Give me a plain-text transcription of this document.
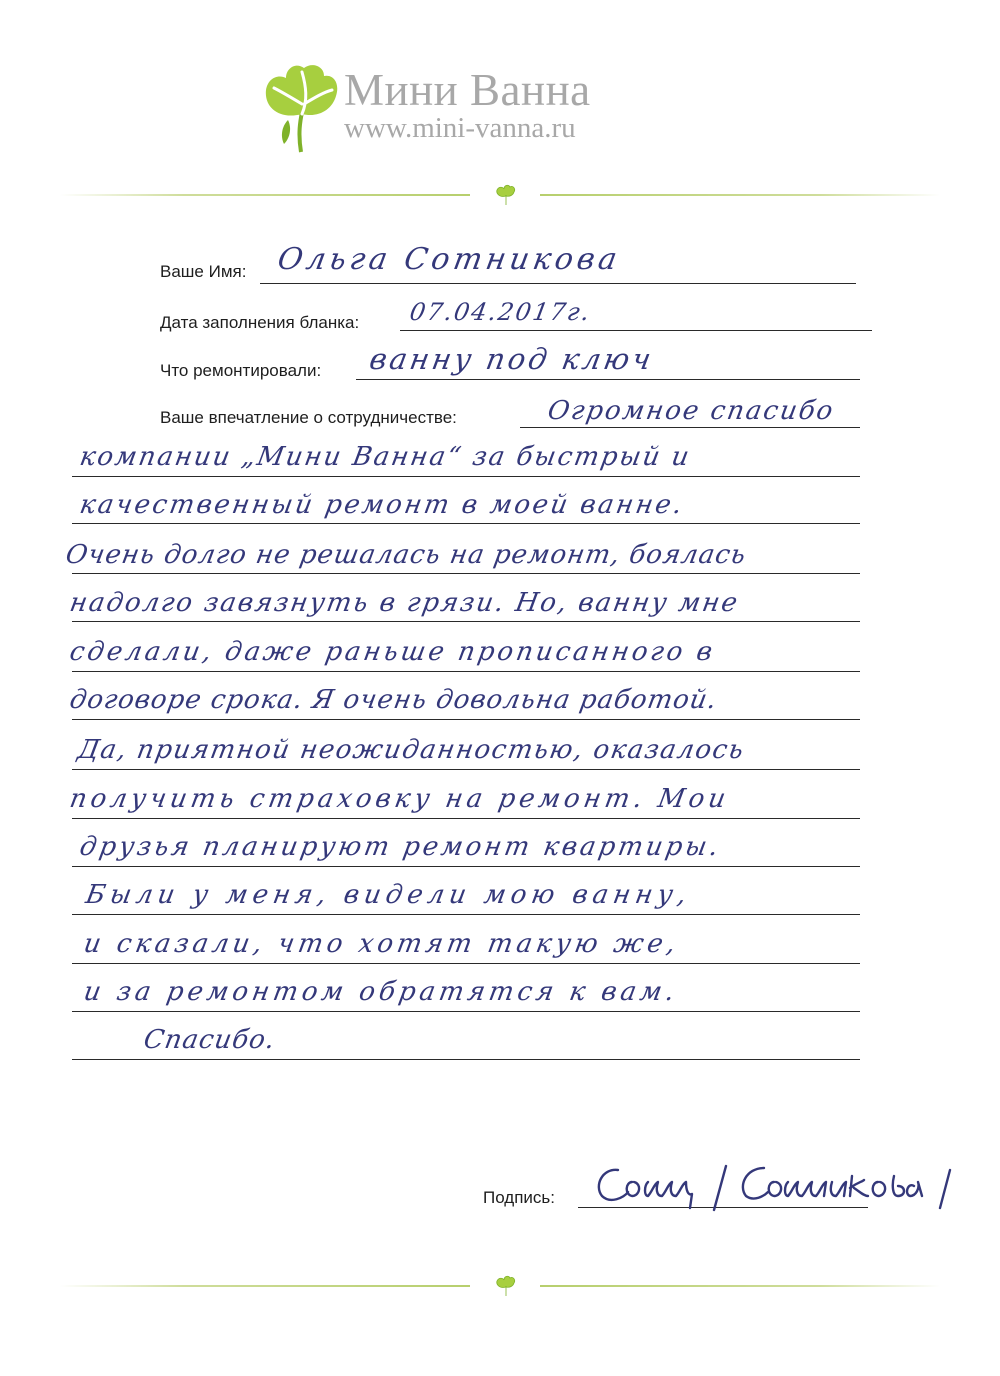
Мини Ванна
www.mini-vanna.ru
Ваше Имя: Ольга Сотникова
Дата заполнения бланка: 07.04.2017г.
Что ремонтировали: ванну под ключ
Ваше впечатление о сотрудничестве:	Огромное спасибо
компании „Мини Ванна“ за быстрый и
качественный ремонт в моей ванне.
Очень долго не решалась на ремонт, боялась
надолго завязнуть в грязи. Но, ванну мне
сделали, даже раньше прописанного в
договоре срока. Я очень довольна работой.
Да, приятной неожиданностью, оказалось
получить страховку на ремонт. Мои
друзья планируют ремонт квартиры.
Были у меня, видели мою ванну,
и сказали, что хотят такую же,
и за ремонтом обратятся к вам.
Спасибо.
Подпись:
